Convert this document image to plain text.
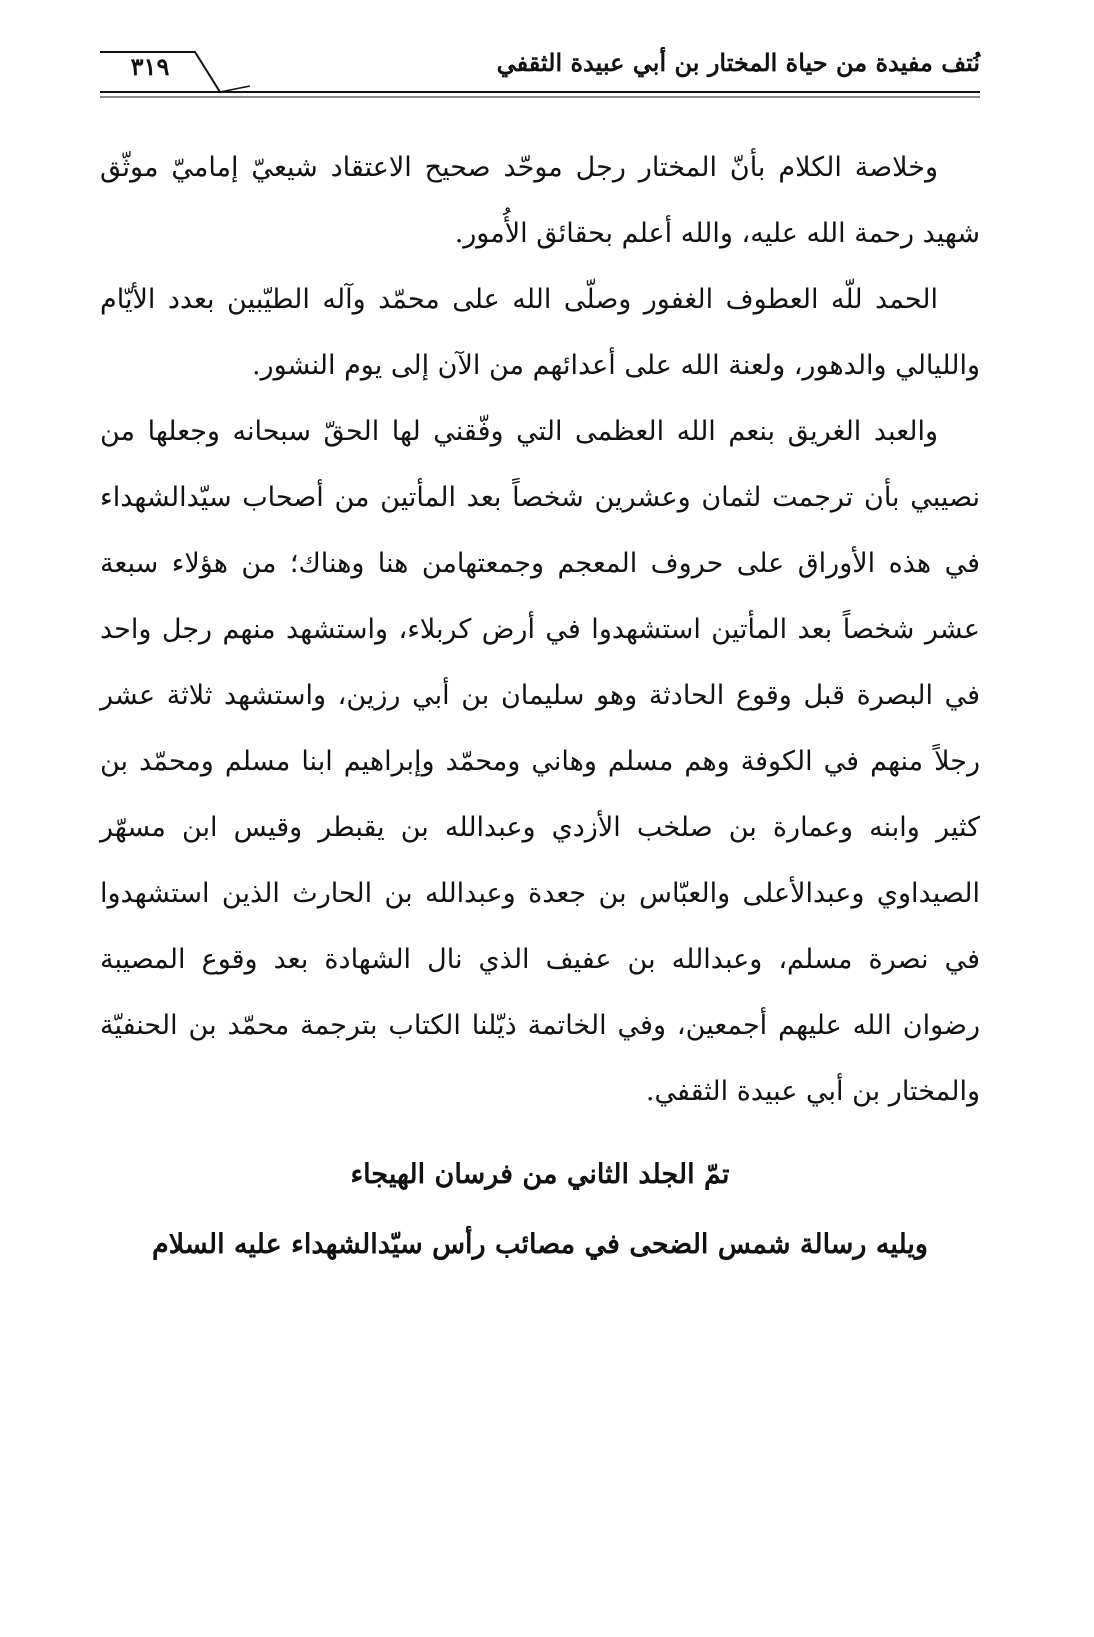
٣١٩	نُتف مفيدة من حياة المختار بن أبي عبيدة الثقفي

وخلاصة الكلام بأنّ المختار رجل موحّد صحيح الاعتقاد شيعيّ إماميّ موثّق شهيد رحمة الله عليه، والله أعلم بحقائق الأُمور.

الحمد للّه العطوف الغفور وصلّى الله على محمّد وآله الطيّبين بعدد الأيّام والليالي والدهور، ولعنة الله على أعدائهم من الآن إلى يوم النشور.

والعبد الغريق بنعم الله العظمى التي وفّقني لها الحقّ سبحانه وجعلها من نصيبي بأن ترجمت لثمان وعشرين شخصاً بعد المأتين من أصحاب سيّدالشهداء في هذه الأوراق على حروف المعجم وجمعتهامن هنا وهناك؛ من هؤلاء سبعة عشر شخصاً بعد المأتين استشهدوا في أرض كربلاء، واستشهد منهم رجل واحد في البصرة قبل وقوع الحادثة وهو سليمان بن أبي رزين، واستشهد ثلاثة عشر رجلاً منهم في الكوفة وهم مسلم وهاني ومحمّد وإبراهيم ابنا مسلم ومحمّد بن كثير وابنه وعمارة بن صلخب الأزدي وعبدالله بن يقبطر وقيس ابن مسهّر الصيداوي وعبدالأعلى والعبّاس بن جعدة وعبدالله بن الحارث الذين استشهدوا في نصرة مسلم، وعبدالله بن عفيف الذي نال الشهادة بعد وقوع المصيبة رضوان الله عليهم أجمعين، وفي الخاتمة ذيّلنا الكتاب بترجمة محمّد بن الحنفيّة والمختار بن أبي عبيدة الثقفي.

تمّ الجلد الثاني من فرسان الهيجاء
ويليه رسالة شمس الضحى في مصائب رأس سيّدالشهداء عليه السلام
